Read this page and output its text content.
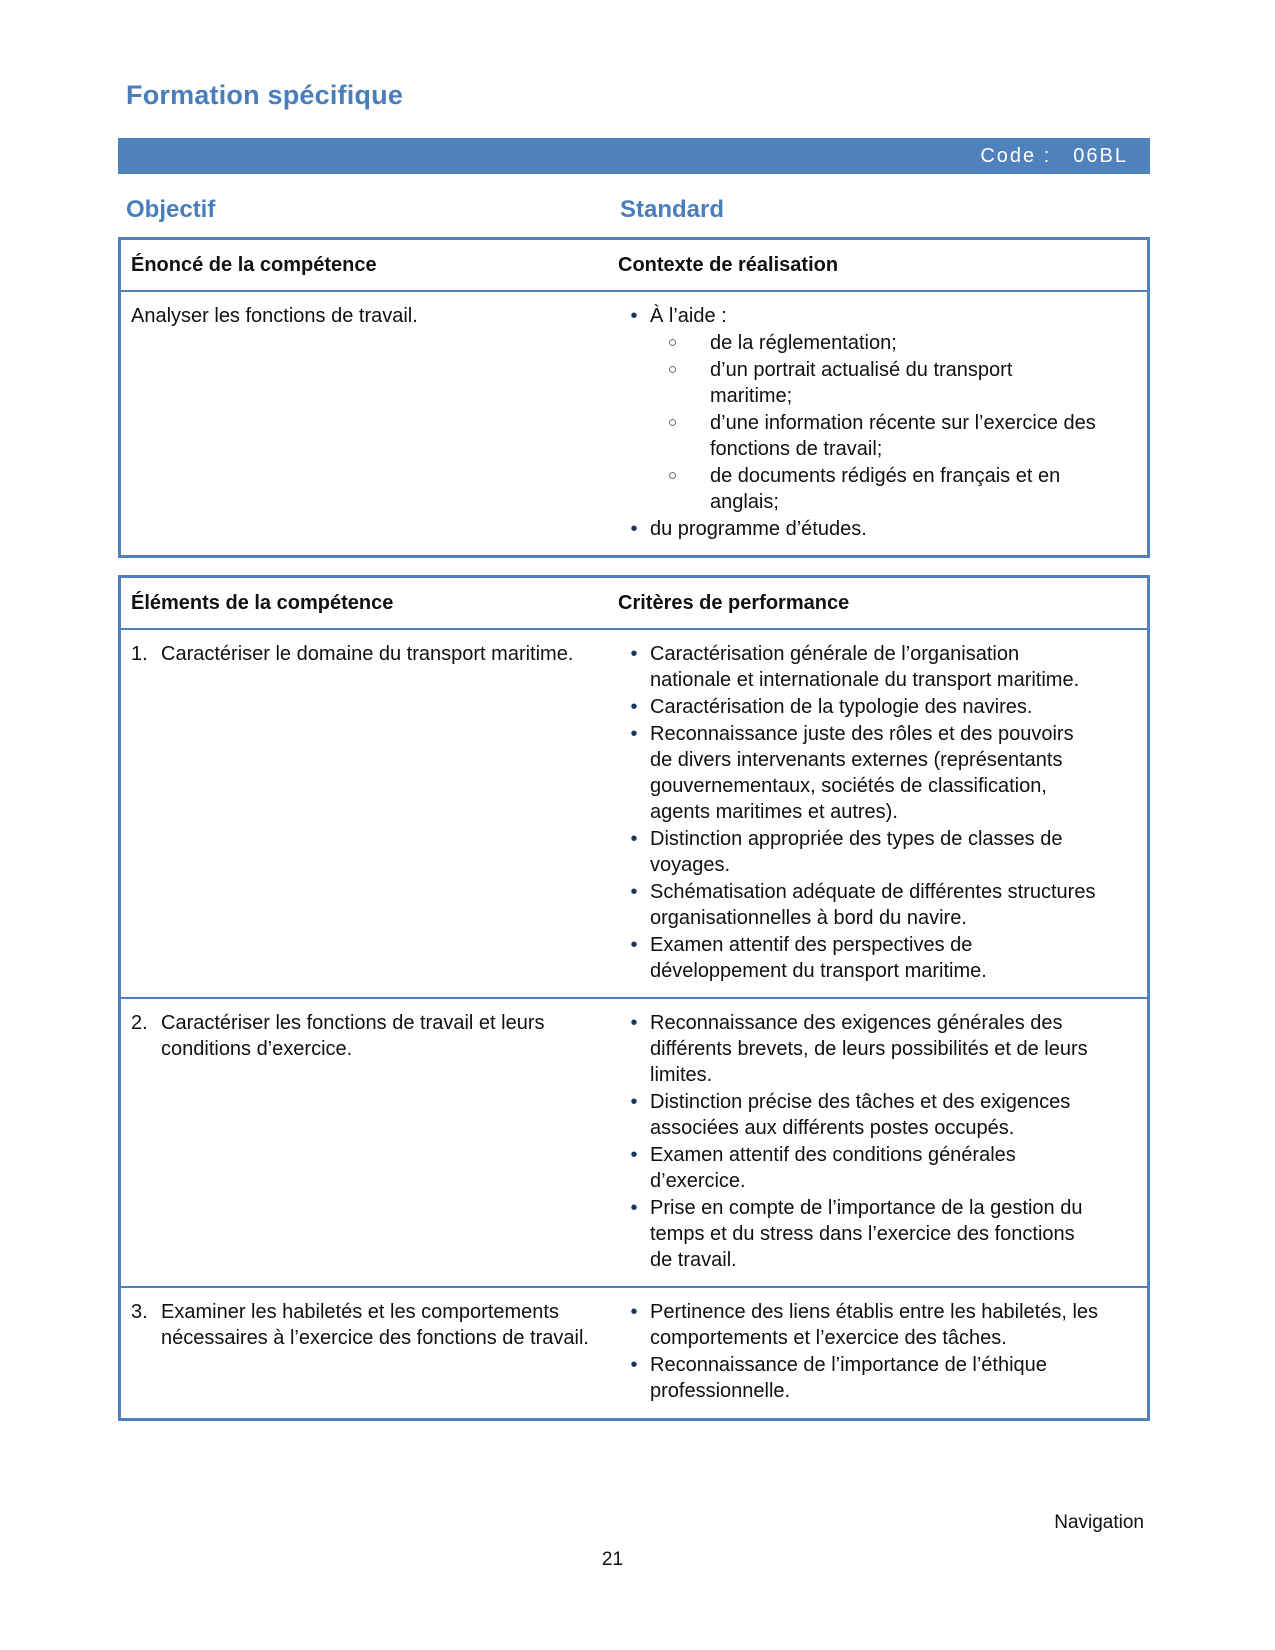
Formation spécifique
Code : 06BL
Objectif	Standard
Énoncé de la compétence	Contexte de réalisation
Analyser les fonctions de travail.	• À l’aide :
○	de la réglementation;
○	d’un portrait actualisé du transport maritime;
○	d’une information récente sur l’exercice des fonctions de travail;
○	de documents rédigés en français et en anglais;
• du programme d’études.
Éléments de la compétence	Critères de performance
1. Caractériser le domaine du transport maritime.	• Caractérisation générale de l’organisation nationale et internationale du transport maritime.
• Caractérisation de la typologie des navires.
• Reconnaissance juste des rôles et des pouvoirs de divers intervenants externes (représentants gouvernementaux, sociétés de classification, agents maritimes et autres).
• Distinction appropriée des types de classes de voyages.
• Schématisation adéquate de différentes structures organisationnelles à bord du navire.
• Examen attentif des perspectives de développement du transport maritime.
2. Caractériser les fonctions de travail et leurs conditions d’exercice.
• Reconnaissance des exigences générales des différents brevets, de leurs possibilités et de leurs limites.
• Distinction précise des tâches et des exigences associées aux différents postes occupés.
• Examen attentif des conditions générales d’exercice.
• Prise en compte de l’importance de la gestion du temps et du stress dans l’exercice des fonctions de travail.
3. Examiner les habiletés et les comportements nécessaires à l’exercice des fonctions de travail.
• Pertinence des liens établis entre les habiletés, les comportements et l’exercice des tâches.
• Reconnaissance de l’importance de l’éthique professionnelle.
Navigation
21
